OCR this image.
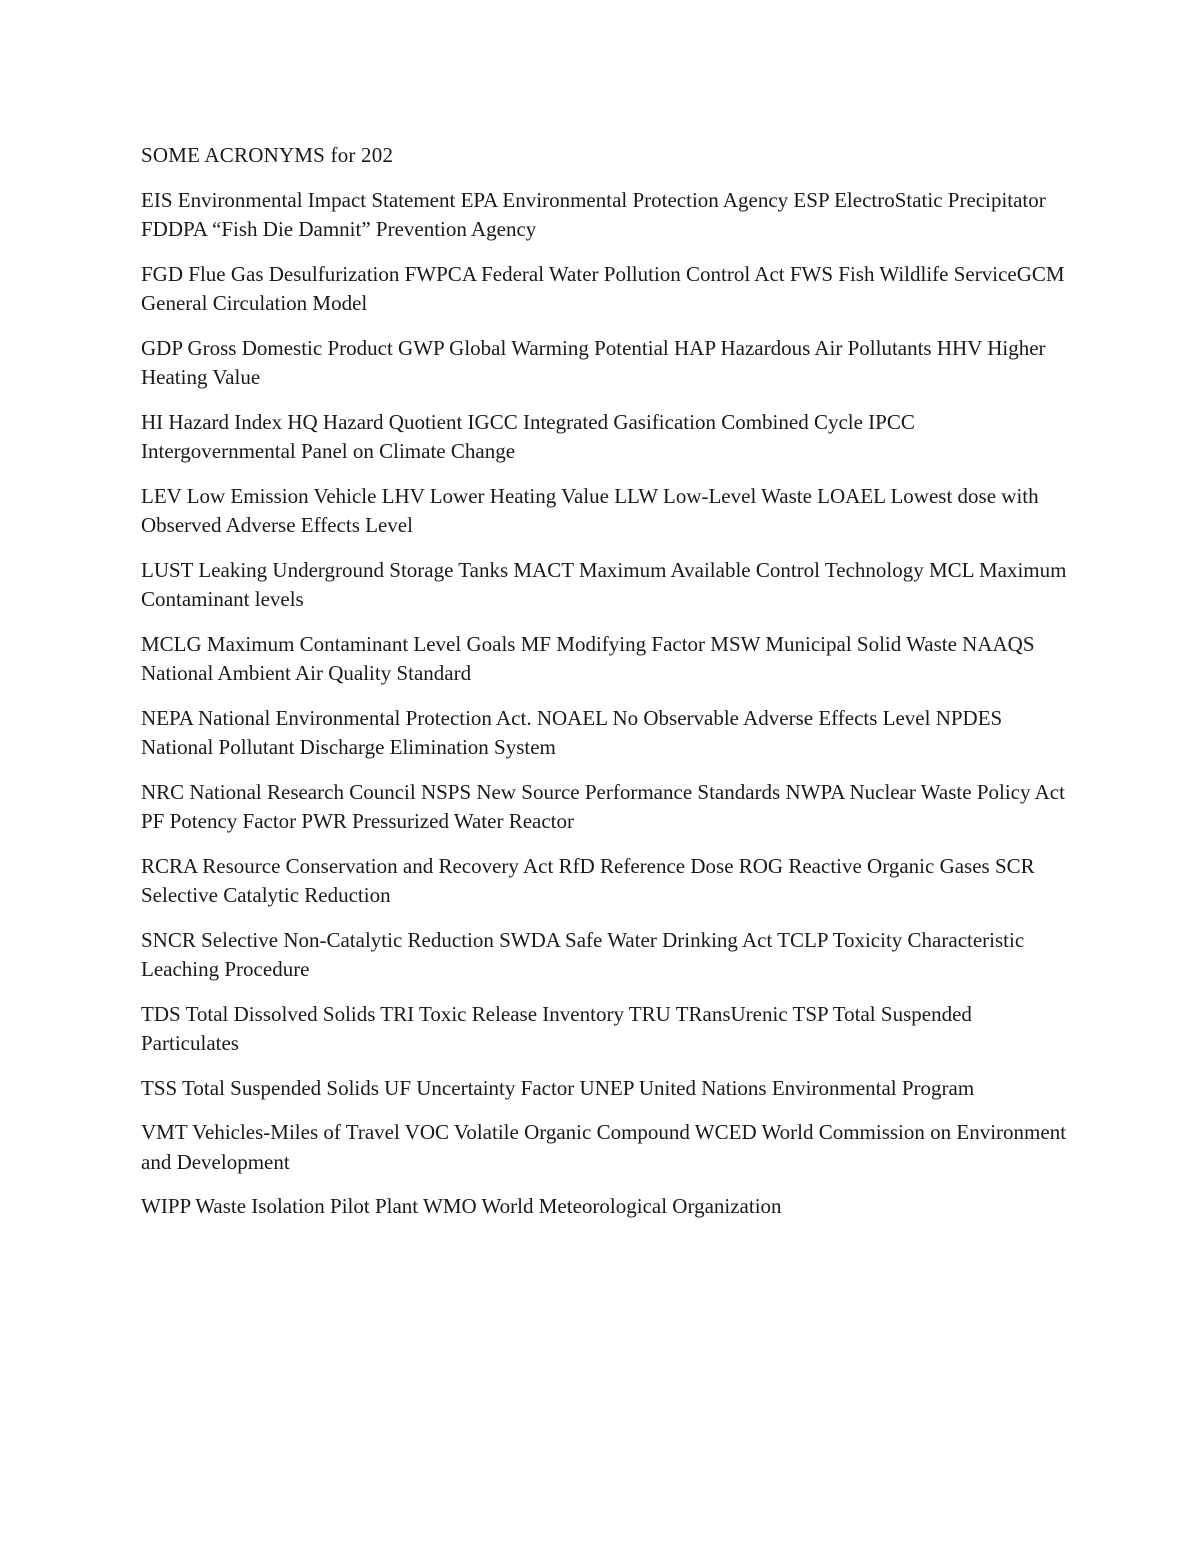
SOME ACRONYMS for 202
EIS Environmental Impact Statement EPA Environmental Protection Agency ESP ElectroStatic Precipitator FDDPA “Fish Die Damnit” Prevention Agency
FGD Flue Gas Desulfurization FWPCA Federal Water Pollution Control Act FWS Fish Wildlife ServiceGCM General Circulation Model
GDP Gross Domestic Product GWP Global Warming Potential HAP Hazardous Air Pollutants HHV Higher Heating Value
HI Hazard Index HQ Hazard Quotient IGCC Integrated Gasification Combined Cycle IPCC Intergovernmental Panel on Climate Change
LEV Low Emission Vehicle LHV Lower Heating Value LLW Low-Level Waste LOAEL Lowest dose with Observed Adverse Effects Level
LUST Leaking Underground Storage Tanks MACT Maximum Available Control Technology MCL Maximum Contaminant levels
MCLG Maximum Contaminant Level Goals MF Modifying Factor MSW Municipal Solid Waste NAAQS National Ambient Air Quality Standard
NEPA National Environmental Protection Act. NOAEL No Observable Adverse Effects Level NPDES National Pollutant Discharge Elimination System
NRC National Research Council NSPS New Source Performance Standards NWPA Nuclear Waste Policy Act PF Potency Factor PWR Pressurized Water Reactor
RCRA Resource Conservation and Recovery Act RfD Reference Dose ROG Reactive Organic Gases SCR Selective Catalytic Reduction
SNCR Selective Non-Catalytic Reduction SWDA Safe Water Drinking Act TCLP Toxicity Characteristic Leaching Procedure
TDS Total Dissolved Solids TRI Toxic Release Inventory TRU TRansUrenic TSP Total Suspended Particulates
TSS Total Suspended Solids UF Uncertainty Factor UNEP United Nations Environmental Program
VMT Vehicles-Miles of Travel VOC Volatile Organic Compound WCED World Commission on Environment and Development
WIPP Waste Isolation Pilot Plant WMO World Meteorological Organization
